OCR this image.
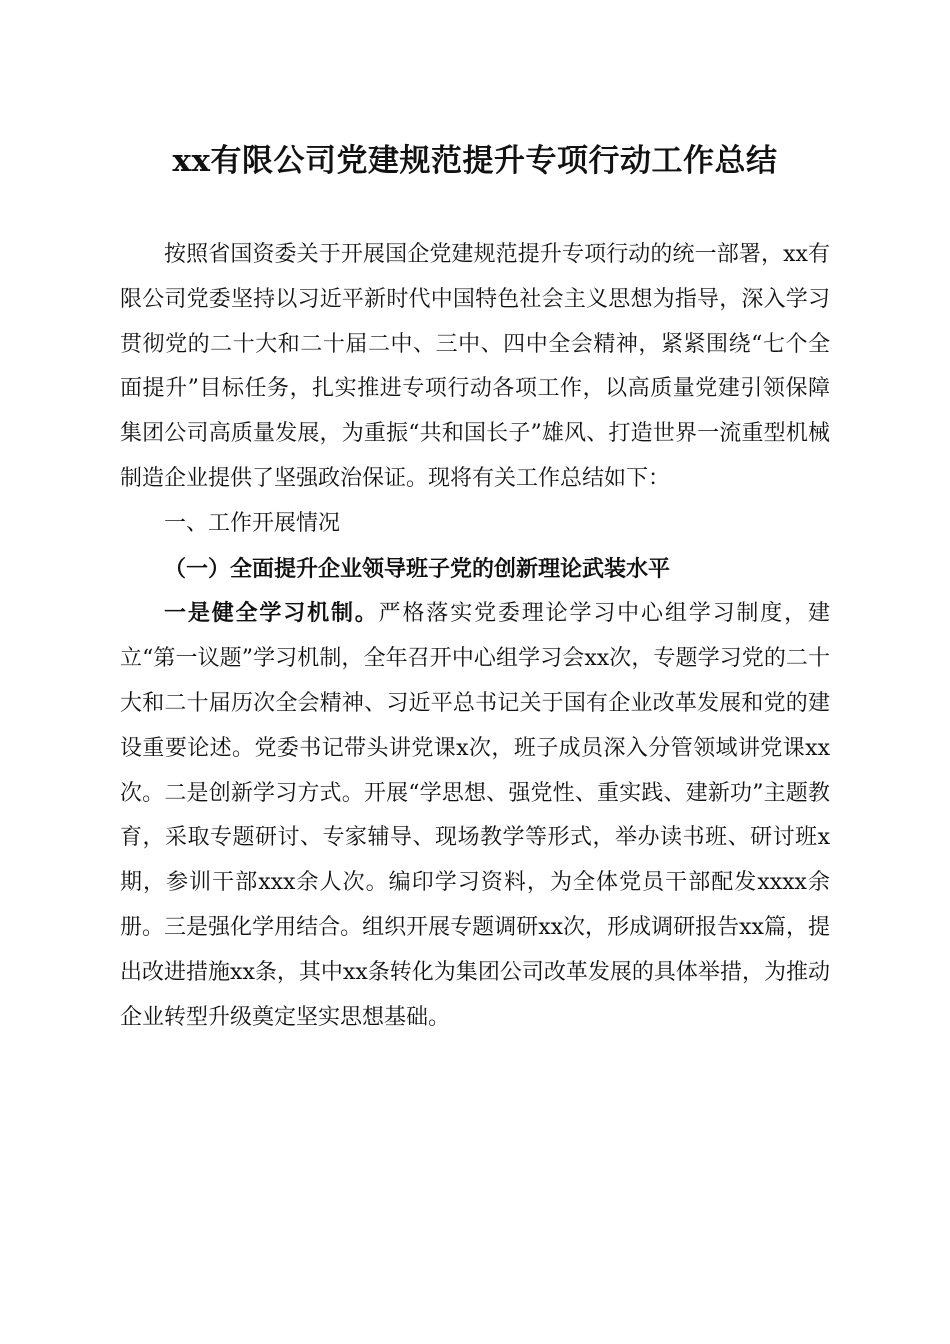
xx有限公司党建规范提升专项行动工作总结

按照省国资委关于开展国企党建规范提升专项行动的统一部署，xx有限公司党委坚持以习近平新时代中国特色社会主义思想为指导，深入学习贯彻党的二十大和二十届二中、三中、四中全会精神，紧紧围绕“七个全面提升”目标任务，扎实推进专项行动各项工作，以高质量党建引领保障集团公司高质量发展，为重振“共和国长子”雄风、打造世界一流重型机械制造企业提供了坚强政治保证。现将有关工作总结如下：

一、工作开展情况

（一）全面提升企业领导班子党的创新理论武装水平

一是健全学习机制。严格落实党委理论学习中心组学习制度，建立“第一议题”学习机制，全年召开中心组学习会xx次，专题学习党的二十大和二十届历次全会精神、习近平总书记关于国有企业改革发展和党的建设重要论述。党委书记带头讲党课x次，班子成员深入分管领域讲党课xx次。二是创新学习方式。开展“学思想、强党性、重实践、建新功”主题教育，采取专题研讨、专家辅导、现场教学等形式，举办读书班、研讨班x期，参训干部xxx余人次。编印学习资料，为全体党员干部配发xxxx余册。三是强化学用结合。组织开展专题调研xx次，形成调研报告xx篇，提出改进措施xx条，其中xx条转化为集团公司改革发展的具体举措，为推动企业转型升级奠定坚实思想基础。
